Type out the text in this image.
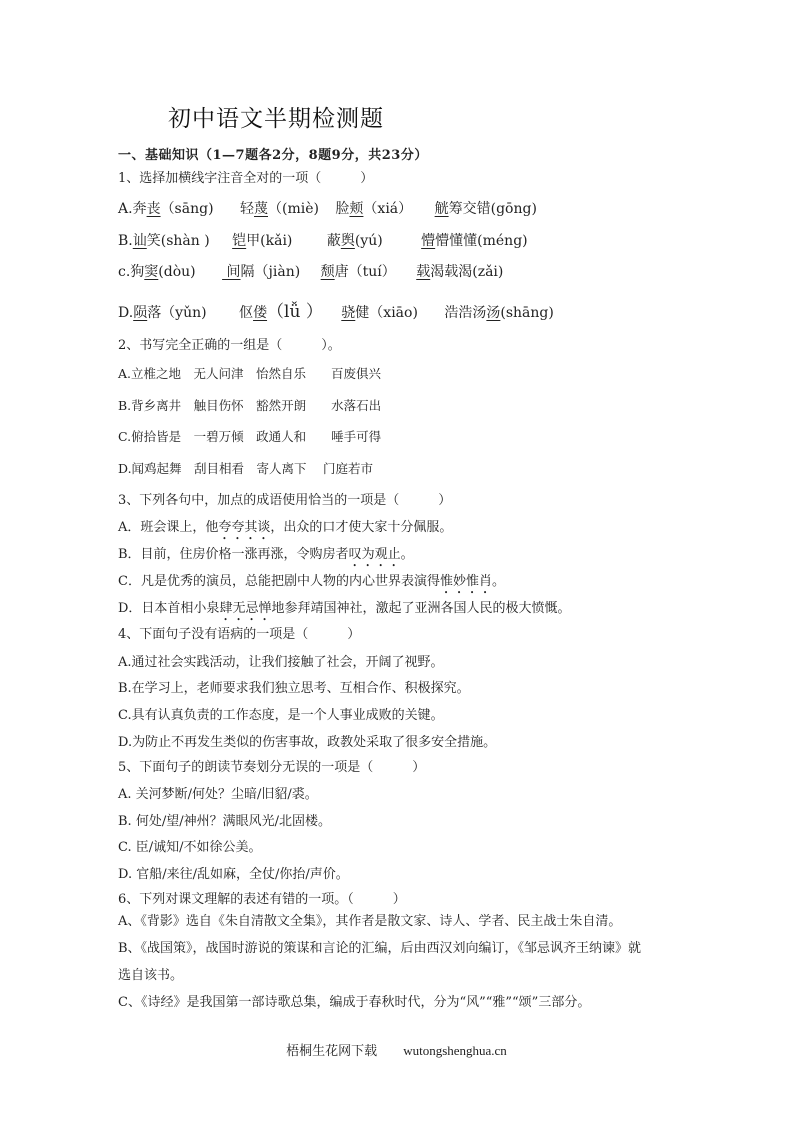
初中语文半期检测题
一、基础知识（1—7题各2分，8题9分，共23分）
1、选择加横线字注音全对的一项（　　　）
A.奔丧（sāng) 轻蔑（(miè) 脸颊（xiá） 觥筹交错(gōng)
B.讪笑(shàn ) 铠甲(kǎi) 蔽舆(yú)	懵懵懂懂(méng)
c.狗窦(dòu)  间隔（jiàn) 颓唐（tuí） 载渴载渴(zǎi)
D.陨落（yǔn) 伛偻（lǚ ） 骁健（xiāo) 浩浩汤汤(shāng)
2、书写完全正确的一组是（　　　）。
A.立椎之地　无人问津　怡然自乐　　百废俱兴
B.背乡离井　触目伤怀　豁然开朗　　水落石出
C.俯拾皆是　一碧万倾　政通人和　　唾手可得
D.闻鸡起舞　刮目相看　寄人离下　 门庭若市
3、下列各句中，加点的成语使用恰当的一项是（　　　）
A．班会课上，他夸夸其谈，出众的口才使大家十分佩服。
B．目前，住房价格一涨再涨，令购房者叹为观止。
C．凡是优秀的演员，总能把剧中人物的内心世界表演得惟妙惟肖。
D．日本首相小泉肆无忌惮地参拜靖国神社，激起了亚洲各国人民的极大愤慨。
4、下面句子没有语病的一项是（　　　）
A.通过社会实践活动，让我们接触了社会，开阔了视野。
B.在学习上，老师要求我们独立思考、互相合作、积极探究。
C.具有认真负责的工作态度，是一个人事业成败的关键。
D.为防止不再发生类似的伤害事故，政教处采取了很多安全措施。
5、下面句子的朗读节奏划分无误的一项是（　　　）
A. 关河梦断/何处？尘暗/旧貂/裘。
B. 何处/望/神州？满眼风光/北固楼。
C. 臣/诚知/不如徐公美。
D. 官船/来往/乱如麻，全仗/你抬/声价。
6、下列对课文理解的表述有错的一项。（　　　）
A、《背影》选自《朱自清散文全集》，其作者是散文家、诗人、学者、民主战士朱自清。
B、《战国策》，战国时游说的策谋和言论的汇编，后由西汉刘向编订，《邹忌讽齐王纳谏》就
选自该书。
C、《诗经》是我国第一部诗歌总集，编成于春秋时代，分为“风”“雅”“颂”三部分。
梧桐生花网下载 wutongshenghua.cn
